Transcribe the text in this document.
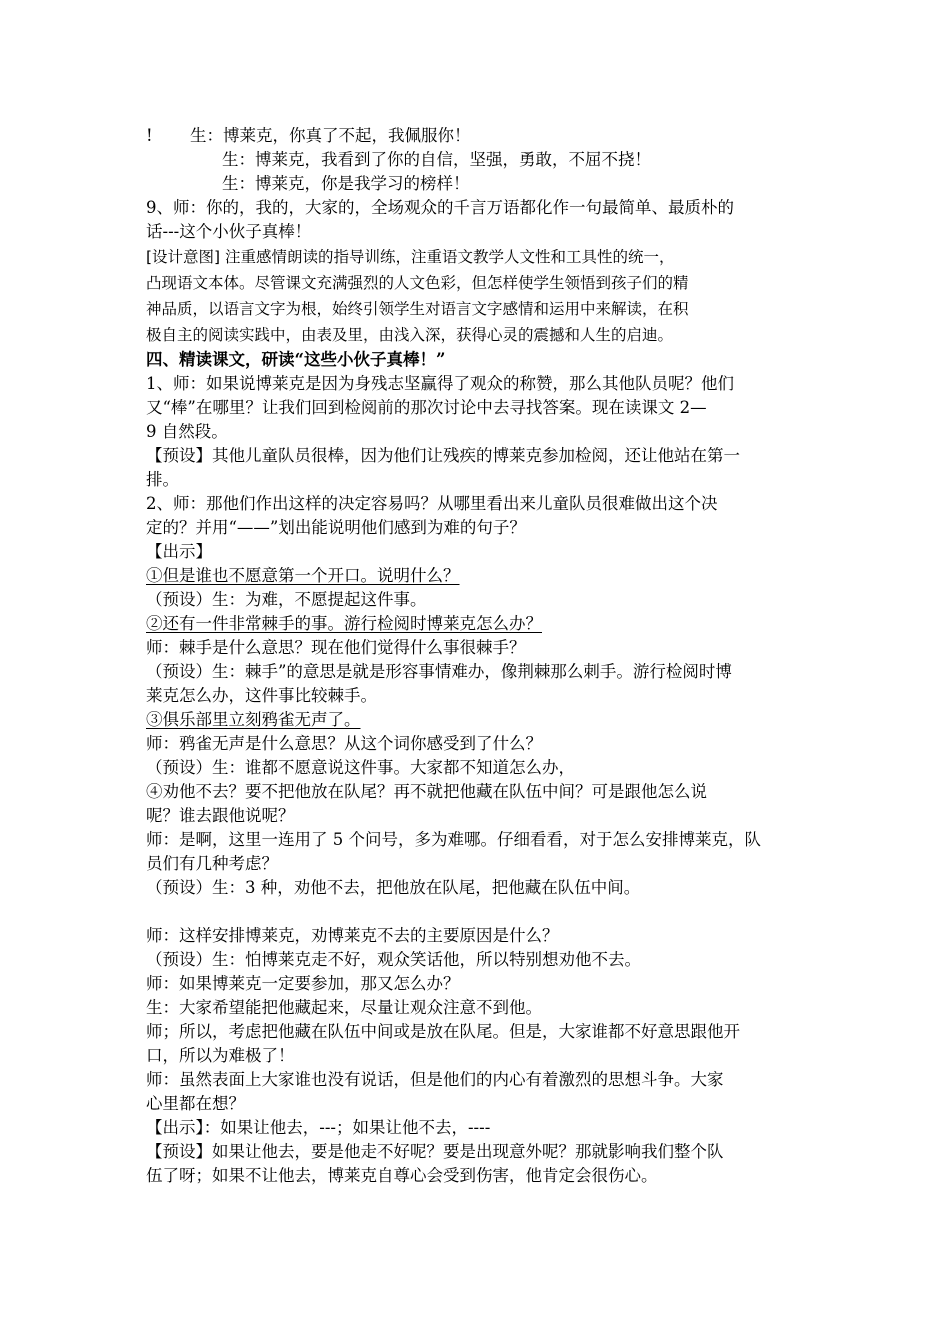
! 生：博莱克，你真了不起，我佩服你！
生：博莱克，我看到了你的自信，坚强，勇敢，不屈不挠！
生：博莱克，你是我学习的榜样！
9、师：你的，我的，大家的，全场观众的千言万语都化作一句最简单、最质朴的
话---这个小伙子真棒！
[设计意图] 注重感情朗读的指导训练，注重语文教学人文性和工具性的统一，
凸现语文本体。尽管课文充满强烈的人文色彩，但怎样使学生领悟到孩子们的精
神品质，以语言文字为根，始终引领学生对语言文字感情和运用中来解读，在积
极自主的阅读实践中，由表及里，由浅入深，获得心灵的震撼和人生的启迪。
四、精读课文，研读“这些小伙子真棒！”
1、师：如果说博莱克是因为身残志坚赢得了观众的称赞，那么其他队员呢？他们
又“棒”在哪里？让我们回到检阅前的那次讨论中去寻找答案。现在读课文 2—
9 自然段。
【预设】其他儿童队员很棒，因为他们让残疾的博莱克参加检阅，还让他站在第一
排。
2、师：那他们作出这样的决定容易吗？从哪里看出来儿童队员很难做出这个决
定的？并用“——”划出能说明他们感到为难的句子？
【出示】
①但是谁也不愿意第一个开口。说明什么？
（预设）生：为难，不愿提起这件事。
②还有一件非常棘手的事。游行检阅时博莱克怎么办？
师：棘手是什么意思？现在他们觉得什么事很棘手？
（预设）生：棘手”的意思是就是形容事情难办，像荆棘那么刺手。游行检阅时博
莱克怎么办，这件事比较棘手。
③俱乐部里立刻鸦雀无声了。
师：鸦雀无声是什么意思？从这个词你感受到了什么？
（预设）生：谁都不愿意说这件事。大家都不知道怎么办，
④劝他不去？要不把他放在队尾？再不就把他藏在队伍中间？可是跟他怎么说
呢？谁去跟他说呢？
师：是啊，这里一连用了 5 个问号，多为难哪。仔细看看，对于怎么安排博莱克，队
员们有几种考虑？
（预设）生：3 种，劝他不去，把他放在队尾，把他藏在队伍中间。
师：这样安排博莱克，劝博莱克不去的主要原因是什么？
（预设）生：怕博莱克走不好，观众笑话他，所以特别想劝他不去。
师：如果博莱克一定要参加，那又怎么办？
生：大家希望能把他藏起来，尽量让观众注意不到他。
师；所以，考虑把他藏在队伍中间或是放在队尾。但是，大家谁都不好意思跟他开
口，所以为难极了！
师：虽然表面上大家谁也没有说话，但是他们的内心有着激烈的思想斗争。大家
心里都在想？
【出示】：如果让他去，---；如果让他不去，----
【预设】如果让他去，要是他走不好呢？要是出现意外呢？那就影响我们整个队
伍了呀；如果不让他去，博莱克自尊心会受到伤害，他肯定会很伤心。
